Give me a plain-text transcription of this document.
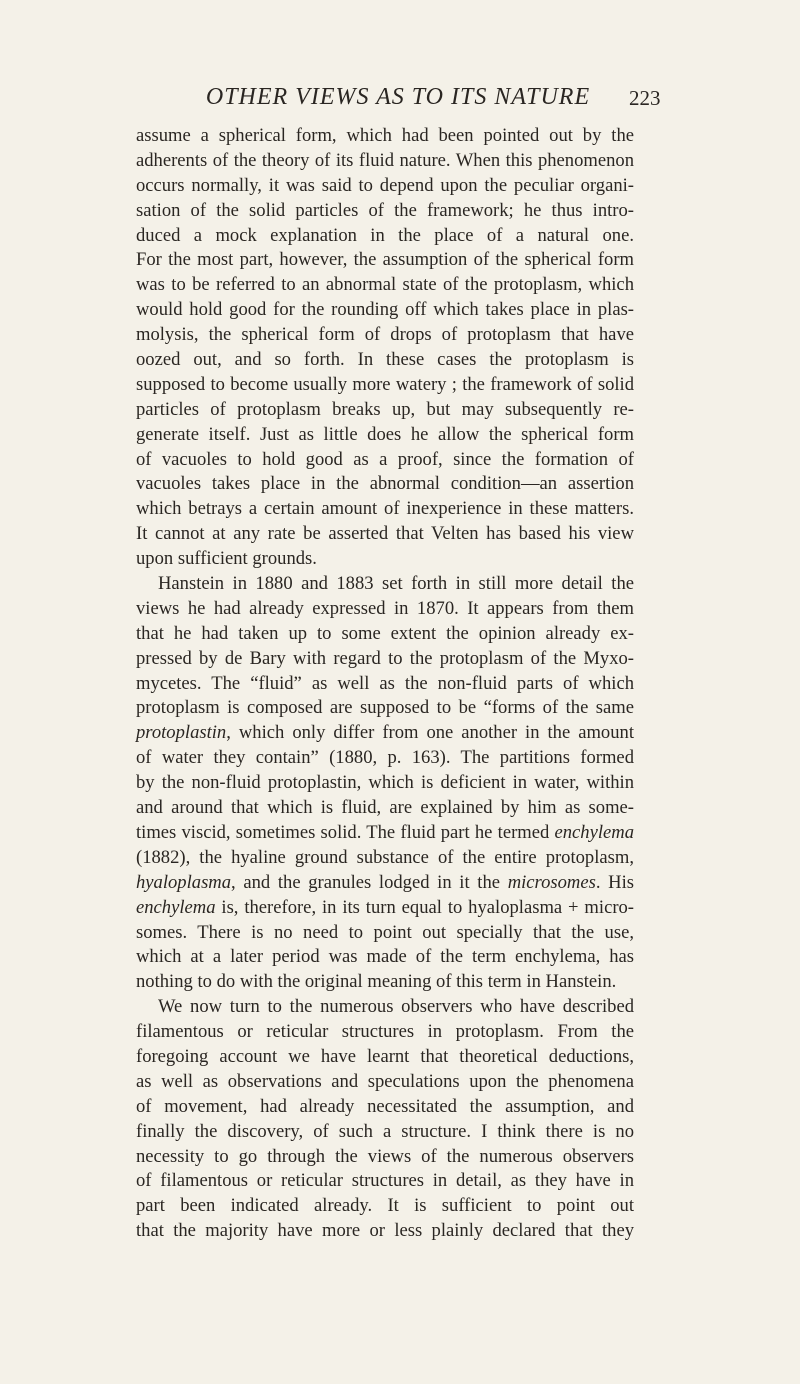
OTHER VIEWS AS TO ITS NATURE	223
assume a spherical form, which had been pointed out by the
adherents of the theory of its fluid nature. When this phenomenon
occurs normally, it was said to depend upon the peculiar organi-
sation of the solid particles of the framework; he thus intro-
duced a mock explanation in the place of a natural one.
For the most part, however, the assumption of the spherical form
was to be referred to an abnormal state of the protoplasm, which
would hold good for the rounding off which takes place in plas-
molysis, the spherical form of drops of protoplasm that have
oozed out, and so forth. In these cases the protoplasm is
supposed to become usually more watery ; the framework of solid
particles of protoplasm breaks up, but may subsequently re-
generate itself. Just as little does he allow the spherical form
of vacuoles to hold good as a proof, since the formation of
vacuoles takes place in the abnormal condition—an assertion
which betrays a certain amount of inexperience in these matters.
It cannot at any rate be asserted that Velten has based his view
upon sufficient grounds.
Hanstein in 1880 and 1883 set forth in still more detail the
views he had already expressed in 1870. It appears from them
that he had taken up to some extent the opinion already ex-
pressed by de Bary with regard to the protoplasm of the Myxo-
mycetes. The “fluid” as well as the non-fluid parts of which
protoplasm is composed are supposed to be “forms of the same
protoplastin, which only differ from one another in the amount
of water they contain” (1880, p. 163). The partitions formed
by the non-fluid protoplastin, which is deficient in water, within
and around that which is fluid, are explained by him as some-
times viscid, sometimes solid. The fluid part he termed enchylema
(1882), the hyaline ground substance of the entire protoplasm,
hyaloplasma, and the granules lodged in it the microsomes. His
enchylema is, therefore, in its turn equal to hyaloplasma + micro-
somes. There is no need to point out specially that the use,
which at a later period was made of the term enchylema, has
nothing to do with the original meaning of this term in Hanstein.
We now turn to the numerous observers who have described
filamentous or reticular structures in protoplasm. From the
foregoing account we have learnt that theoretical deductions,
as well as observations and speculations upon the phenomena
of movement, had already necessitated the assumption, and
finally the discovery, of such a structure. I think there is no
necessity to go through the views of the numerous observers
of filamentous or reticular structures in detail, as they have in
part been indicated already. It is sufficient to point out
that the majority have more or less plainly declared that they
